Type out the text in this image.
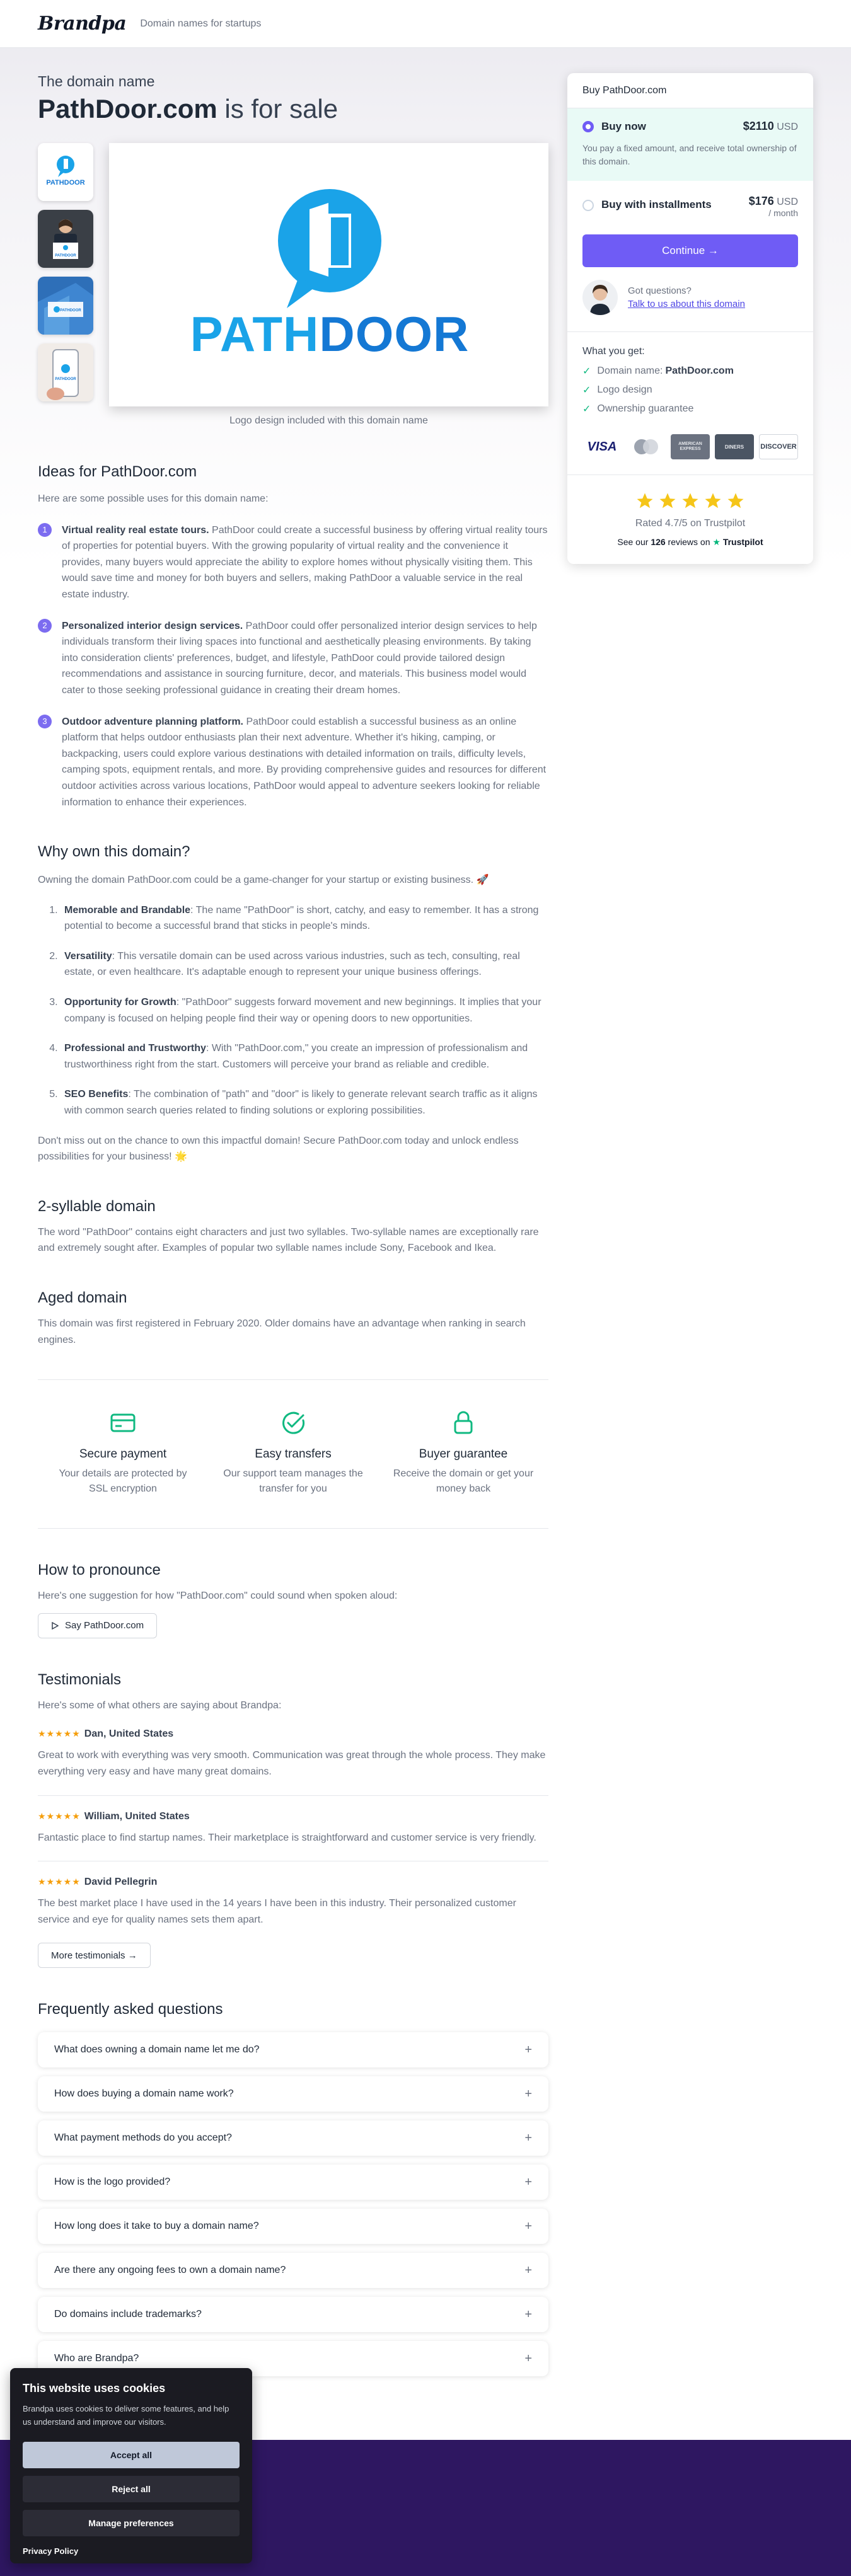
Brandpa Domain names for startups
The domain name
PathDoor.com is for sale
PATHDOOR
PATHDOOR
PATHDOOR
PATHDOOR
PATHDOOR
Logo design included with this domain name
Ideas for PathDoor.com

Here are some possible uses for this domain name:

1	Virtual reality real estate tours. PathDoor could create a successful business by offering virtual reality tours of properties for potential buyers. With the growing popularity of virtual reality and the convenience it provides, many buyers would appreciate the ability to explore homes without physically visiting them. This would save time and money for both buyers and sellers, making PathDoor a valuable service in the real estate industry.
2	Personalized interior design services. PathDoor could offer personalized interior design services to help individuals transform their living spaces into functional and aesthetically pleasing environments. By taking into consideration clients' preferences, budget, and lifestyle, PathDoor could provide tailored design recommendations and assistance in sourcing furniture, decor, and materials. This business model would cater to those seeking professional guidance in creating their dream homes.
3	Outdoor adventure planning platform. PathDoor could establish a successful business as an online platform that helps outdoor enthusiasts plan their next adventure. Whether it's hiking, camping, or backpacking, users could explore various destinations with detailed information on trails, difficulty levels, camping spots, equipment rentals, and more. By providing comprehensive guides and resources for different outdoor activities across various locations, PathDoor would appeal to adventure seekers looking for reliable information to enhance their experiences.
Why own this domain?

Owning the domain PathDoor.com could be a game-changer for your startup or existing business. 🚀

1. Memorable and Brandable: The name "PathDoor" is short, catchy, and easy to remember. It has a strong potential to become a successful brand that sticks in people's minds.
2. Versatility: This versatile domain can be used across various industries, such as tech, consulting, real estate, or even healthcare. It's adaptable enough to represent your unique business offerings.
3. Opportunity for Growth: "PathDoor" suggests forward movement and new beginnings. It implies that your company is focused on helping people find their way or opening doors to new opportunities.
4. Professional and Trustworthy: With "PathDoor.com," you create an impression of professionalism and trustworthiness right from the start. Customers will perceive your brand as reliable and credible.
5. SEO Benefits: The combination of "path" and "door" is likely to generate relevant search traffic as it aligns with common search queries related to finding solutions or exploring possibilities.

Don't miss out on the chance to own this impactful domain! Secure PathDoor.com today and unlock endless possibilities for your business! 🌟

2-syllable domain

The word "PathDoor" contains eight characters and just two syllables. Two-syllable names are exceptionally rare and extremely sought after. Examples of popular two syllable names include Sony, Facebook and Ikea.

Aged domain

This domain was first registered in February 2020. Older domains have an advantage when ranking in search engines.

Secure payment
Your details are protected by SSL encryption
Easy transfers
Our support team manages the transfer for you
Buyer guarantee
Receive the domain or get your money back
How to pronounce

Here's one suggestion for how "PathDoor.com" could sound when spoken aloud:

Say PathDoor.com
Testimonials

Here's some of what others are saying about Brandpa:

★★★★★ Dan, United States

Great to work with everything was very smooth. Communication was great through the whole process. They make everything very easy and have many great domains.

★★★★★ William, United States

Fantastic place to find startup names. Their marketplace is straightforward and customer service is very friendly.

★★★★★ David Pellegrin

The best market place I have used in the 14 years I have been in this industry. Their personalized customer service and eye for quality names sets them apart.

More testimonials →
Frequently asked questions
What does owning a domain name let me do?	+
How does buying a domain name work?	+
What payment methods do you accept?	+
How is the logo provided?	+
How long does it take to buy a domain name?	+
Are there any ongoing fees to own a domain name?	+
Do domains include trademarks?	+
Who are Brandpa?	+
Buy PathDoor.com
Buy now	$2110 USD
You pay a fixed amount, and receive total ownership of this domain.
Buy with installments	$176 USD
/ month
Continue →
Got questions?
Talk to us about this domain
What you get:
✓ Domain name: PathDoor.com
✓ Logo design
✓ Ownership guarantee
VISA	AMERICAN EXPRESS	DINERS	DISCOVER
Rated 4.7/5 on Trustpilot
See our 126 reviews on ★ Trustpilot
This website uses cookies
Brandpa uses cookies to deliver some features, and help us understand and improve our visitors.
Accept all
Reject all
Manage preferences
Privacy Policy
